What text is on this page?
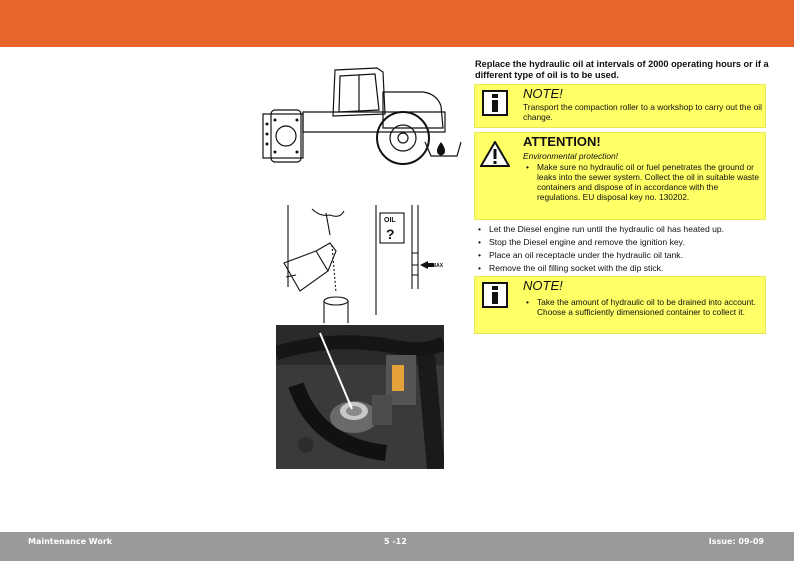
OIL
?
MAX
Replace the hydraulic oil at intervals of 2000 operating hours or if a different type of oil is to be used.
NOTE!
Transport the compaction roller to a workshop to carry out the oil change.
ATTENTION!
Environmental protection!
• Make sure no hydraulic oil or fuel penetrates the ground or leaks into the sewer system. Collect the oil in suitable waste containers and dispose of in accordance with the regulations. EU disposal key no. 130202.
• Let the Diesel engine run until the hydraulic oil has heated up.
• Stop the Diesel engine and remove the ignition key.
• Place an oil receptacle under the hydraulic oil tank.
• Remove the oil filling socket with the dip stick.
NOTE!
• Take the amount of hydraulic oil to be drained into account. Choose a sufficiently dimensioned container to collect it.
Maintenance Work	5 -12	Issue: 09-09
